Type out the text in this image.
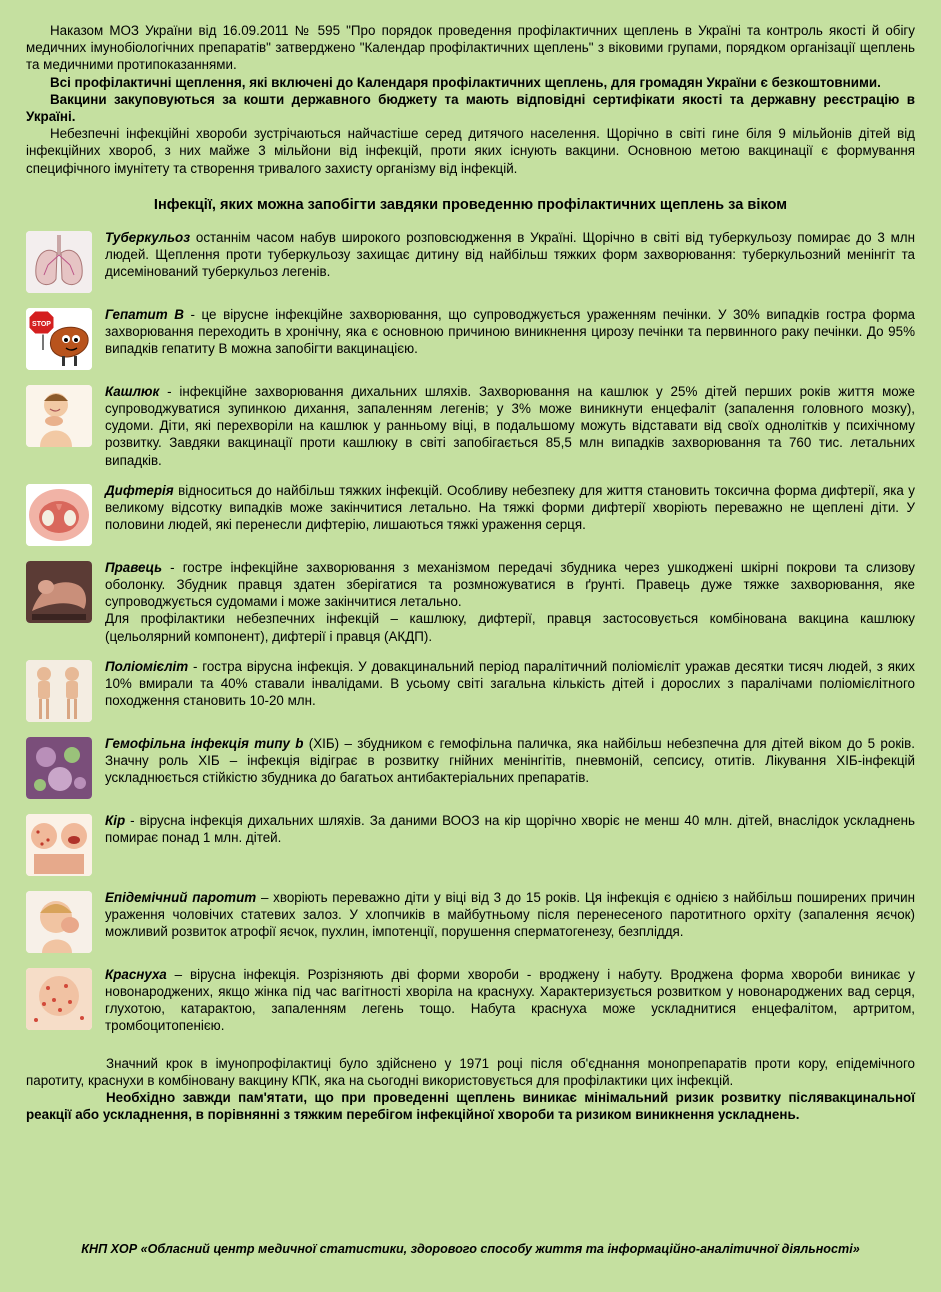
Наказом МОЗ України від 16.09.2011 № 595 "Про порядок проведення профілактичних щеплень в Україні та контроль якості й обігу медичних імунобіологічних препаратів" затверджено "Календар профілактичних щеплень" з віковими групами, порядком організації щеплень та медичними протипоказаннями.

Всі профілактичні щеплення, які включені до Календаря профілактичних щеплень, для громадян України є безкоштовними.

Вакцини закуповуються за кошти державного бюджету та мають відповідні сертифікати якості та державну реєстрацію в Україні.

Небезпечні інфекційні хвороби зустрічаються найчастіше серед дитячого населення. Щорічно в світі гине біля 9 мільйонів дітей від інфекційних хвороб, з них майже 3 мільйони від інфекцій, проти яких існують вакцини. Основною метою вакцинації є формування специфічного імунітету та створення тривалого захисту організму від інфекцій.

Інфекції, яких можна запобігти завдяки проведенню профілактичних щеплень за віком

Туберкульоз останнім часом набув широкого розповсюдження в Україні. Щорічно в світі від туберкульозу помирає до 3 млн людей. Щеплення проти туберкульозу захищає дитину від найбільш тяжких форм захворювання: туберкульозний менінгіт та дисемінований туберкульоз легенів.

STOP

Гепатит В - це вірусне інфекційне захворювання, що супроводжується ураженням печінки. У 30% випадків гостра форма захворювання переходить в хронічну, яка є основною причиною виникнення цирозу печінки та первинного раку печінки. До 95% випадків гепатиту В можна запобігти вакцинацією.

Кашлюк - інфекційне захворювання дихальних шляхів. Захворювання на кашлюк у 25% дітей перших років життя може супроводжуватися зупинкою дихання, запаленням легенів; у 3% може виникнути енцефаліт (запалення головного мозку), судоми. Діти, які перехворіли на кашлюк у ранньому віці, в подальшому можуть відставати від своїх однолітків у психічному розвитку. Завдяки вакцинації проти кашлюку в світі запобігається 85,5 млн випадків захворювання та 760 тис. летальних випадків.

Дифтерія відноситься до найбільш тяжких інфекцій. Особливу небезпеку для життя становить токсична форма дифтерії, яка у великому відсотку випадків може закінчитися летально. На тяжкі форми дифтерії хворіють переважно не щеплені діти. У половини людей, які перенесли дифтерію, лишаються тяжкі ураження серця.

Правець - гостре інфекційне захворювання з механізмом передачі збудника через ушкоджені шкірні покрови та слизову оболонку. Збудник правця здатен зберігатися та розмножуватися в ґрунті. Правець дуже тяжке захворювання, яке супроводжується судомами і може закінчитися летально.

Для профілактики небезпечних інфекцій – кашлюку, дифтерії, правця застосовується комбінована вакцина кашлюку (цельолярний компонент), дифтерії і правця (АКДП).

Поліомієліт - гостра вірусна інфекція. У довакцинальний період паралітичний поліомієліт уражав десятки тисяч людей, з яких 10% вмирали та 40% ставали інвалідами. В усьому світі загальна кількість дітей і дорослих з паралічами поліомієлітного походження становить 10-20 млн.

Гемофільна інфекція типу b (ХІБ) – збудником є гемофільна паличка, яка найбільш небезпечна для дітей віком до 5 років. Значну роль ХІБ – інфекція відіграє в розвитку гнійних менінгітів, пневмоній, сепсису, отитів. Лікування ХІБ-інфекцій ускладнюється стійкістю збудника до багатьох антибактеріальних препаратів.

Кір - вірусна інфекція дихальних шляхів. За даними ВООЗ на кір щорічно хворіє не менш 40 млн. дітей, внаслідок ускладнень помирає понад 1 млн. дітей.

Епідемічний паротит – хворіють переважно діти у віці від 3 до 15 років. Ця інфекція є однією з найбільш поширених причин ураження чоловічих статевих залоз. У хлопчиків в майбутньому після перенесеного паротитного орхіту (запалення яєчок) можливий розвиток атрофії яєчок, пухлин, імпотенції, порушення сперматогенезу, безпліддя.

Краснуха – вірусна інфекція. Розрізняють дві форми хвороби - вроджену і набуту. Вроджена форма хвороби виникає у новонароджених, якщо жінка під час вагітності хворіла на краснуху. Характеризується розвитком у новонароджених вад серця, глухотою, катарактою, запаленням легень тощо. Набута краснуха може ускладнитися енцефалітом, артритом, тромбоцитопенією.

Значний крок в імунопрофілактиці було здійснено у 1971 році після об'єднання монопрепаратів проти кору, епідемічного паротиту, краснухи в комбіновану вакцину КПК, яка на сьогодні використовується для профілактики цих інфекцій.

Необхідно завжди пам'ятати, що при проведенні щеплень виникає мінімальний ризик розвитку післявакцинальної реакції або ускладнення, в порівнянні з тяжким перебігом інфекційної хвороби та ризиком виникнення ускладнень.

КНП ХОР «Обласний центр медичної статистики, здорового способу життя та інформаційно-аналітичної діяльності»
